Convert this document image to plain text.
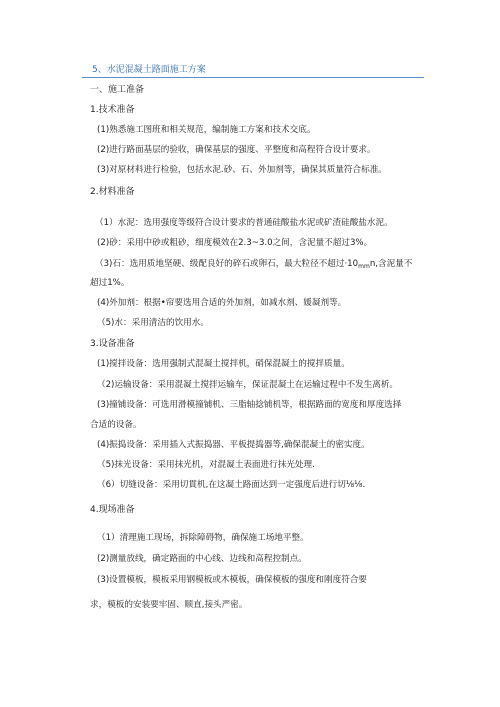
5、水泥混凝土路面施工方案
一、施工准备
1.技术准备
(1)熟悉施工图班和相关规范，编制施工方案和技术交底。
(2)进行路面基层的验收，确保基层的强度、平整度和高程符合设计要求。
(3)对原材料进行检验，包括水泥.砂、石、外加剂等，确保其质量符合标准。
2.材料准备
（1）水泥：选用强度等级符合设计要求的普通硅酸盐水泥或矿渣硅酸盐水泥。
(2)砂：采用中砂或粗砂，细度模效在2.3~3.0之间，含泥量不超过3%。
（3)石：选用质地坚硬、级配良好的碎石或卵石，最大粒径不超过$\cdot 10_{mm}n$,含泥量不
超过1%。
(4)外加剂：根据•帘要选用合适的外加剂，如减水剂、媛凝剂等。
（5)水：采用清洁的饮用水。
3.设备准备
(1)搅拌设备：选用强制式混凝土搅拌机，硝保混凝土的搅拌质量。
（2)运输设备：采用混凝土搅拌运输车，保证混凝土在运输过程中不发生离析。
(3)撞铺设备：可选用滑模撞铺机、三脂轴捻铺机等，根据路面的宽度和厚度选择
合适的设备。
(4)振捣设备：采用插入式振捣器、平板提捣器等,确保混凝土的密实度。
（5)抹光设备：采用抹光机，对混凝土表面进行抹光处理.
（6）切缝设备：采用切貫机,在这凝土路面达到一定强度后进行切⅛⅛.
4.现场准备
（1）清理施工现场，拆除障碍物，确保施工场地平整。
(2)测量放线，确定路面的中心线、边线和高程控制点。
(3)设置模板，模板采用钢模板或木模板，确保模板的强度和刚度符合要
求，模板的安装要牢固、顺直,接头严密。
